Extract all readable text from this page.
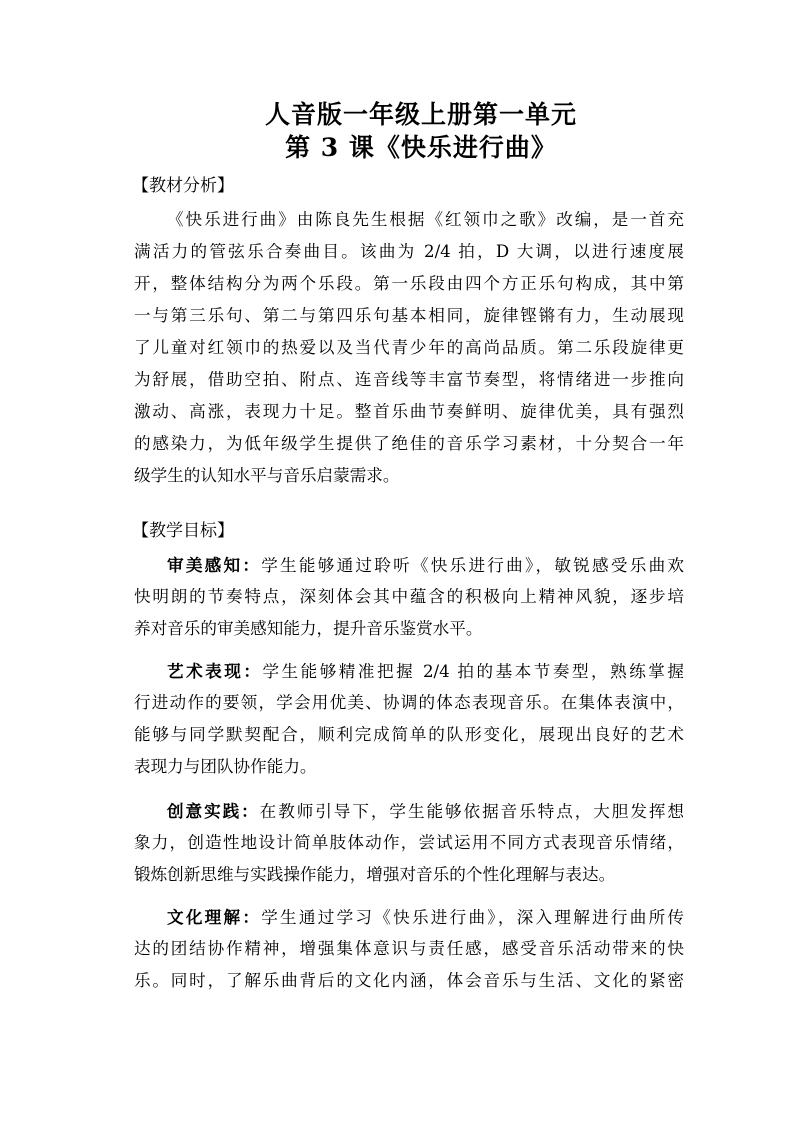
人音版一年级上册第一单元
第 3 课《快乐进行曲》
【教材分析】
《快乐进行曲》由陈良先生根据《红领巾之歌》改编，是一首充
满活力的管弦乐合奏曲目。该曲为 2/4 拍，D 大调，以进行速度展
开，整体结构分为两个乐段。第一乐段由四个方正乐句构成，其中第
一与第三乐句、第二与第四乐句基本相同，旋律铿锵有力，生动展现
了儿童对红领巾的热爱以及当代青少年的高尚品质。第二乐段旋律更
为舒展，借助空拍、附点、连音线等丰富节奏型，将情绪进一步推向
激动、高涨，表现力十足。整首乐曲节奏鲜明、旋律优美，具有强烈
的感染力，为低年级学生提供了绝佳的音乐学习素材，十分契合一年
级学生的认知水平与音乐启蒙需求。
【教学目标】
审美感知：学生能够通过聆听《快乐进行曲》，敏锐感受乐曲欢
快明朗的节奏特点，深刻体会其中蕴含的积极向上精神风貌，逐步培
养对音乐的审美感知能力，提升音乐鉴赏水平。
艺术表现：学生能够精准把握 2/4 拍的基本节奏型，熟练掌握
行进动作的要领，学会用优美、协调的体态表现音乐。在集体表演中，
能够与同学默契配合，顺利完成简单的队形变化，展现出良好的艺术
表现力与团队协作能力。
创意实践：在教师引导下，学生能够依据音乐特点，大胆发挥想
象力，创造性地设计简单肢体动作，尝试运用不同方式表现音乐情绪，
锻炼创新思维与实践操作能力，增强对音乐的个性化理解与表达。
文化理解：学生通过学习《快乐进行曲》，深入理解进行曲所传
达的团结协作精神，增强集体意识与责任感，感受音乐活动带来的快
乐。同时，了解乐曲背后的文化内涵，体会音乐与生活、文化的紧密
